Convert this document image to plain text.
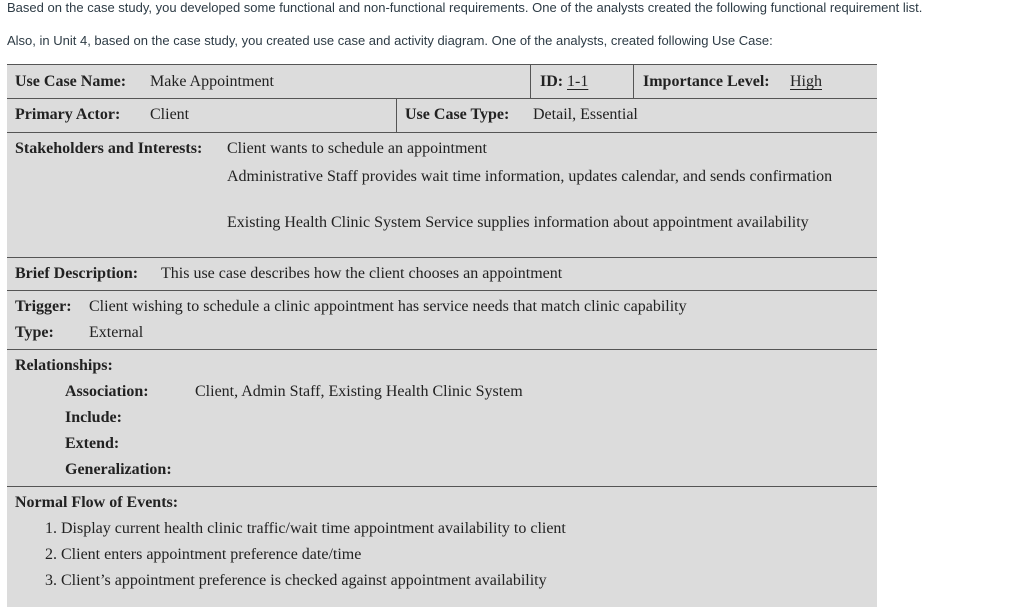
Based on the case study, you developed some functional and non-functional requirements. One of the analysts created the following functional requirement list.
Also, in Unit 4, based on the case study, you created use case and activity diagram. One of the analysts, created following Use Case:
Use Case Name: Make Appointment	ID: 1-1	Importance Level: High
Primary Actor: Client	Use Case Type: Detail, Essential
Stakeholders and Interests: Client wants to schedule an appointment
Administrative Staff provides wait time information, updates calendar, and sends confirmation
Existing Health Clinic System Service supplies information about appointment availability
Brief Description: This use case describes how the client chooses an appointment
Trigger: Client wishing to schedule a clinic appointment has service needs that match clinic capability
Type: External
Relationships:
Association:	Client, Admin Staff, Existing Health Clinic System
Include:
Extend:
Generalization:
Normal Flow of Events:
1. Display current health clinic traffic/wait time appointment availability to client
2. Client enters appointment preference date/time
3. Client’s appointment preference is checked against appointment availability
